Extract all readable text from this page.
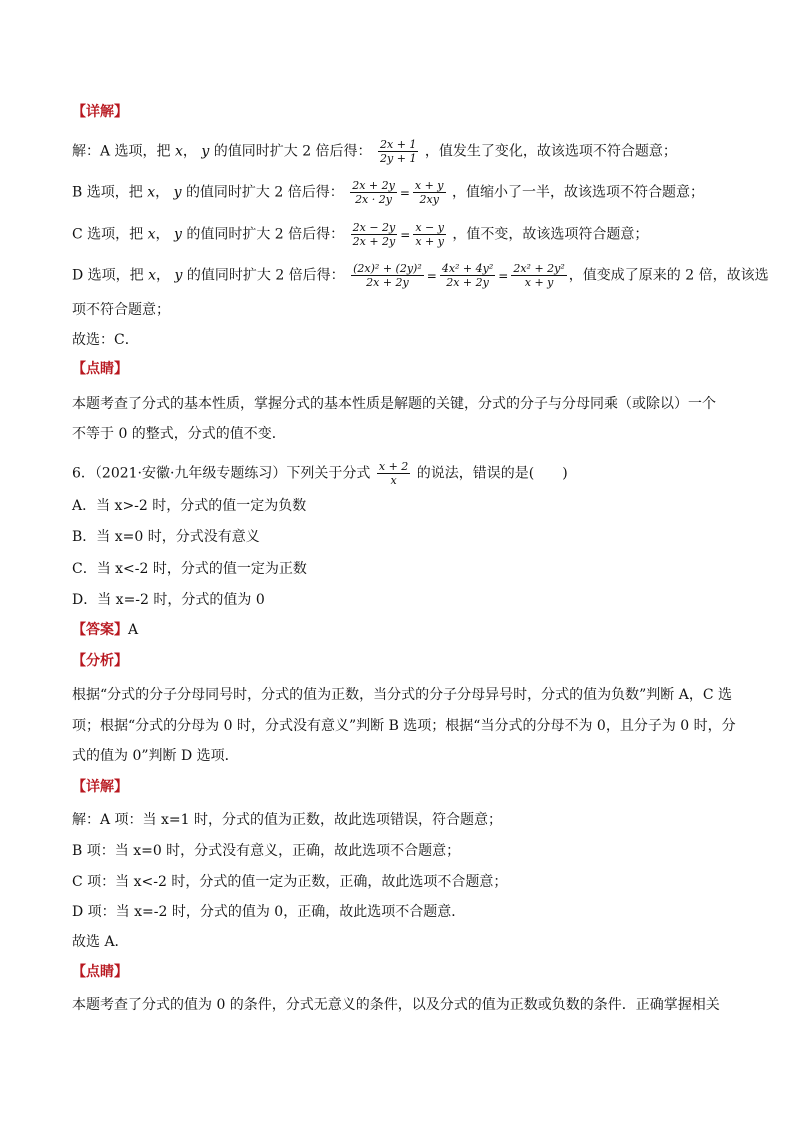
【详解】
解：A 选项，把 x， y 的值同时扩大 2 倍后得： $\frac{2x + 1}{2y + 1}$ ，值发生了变化，故该选项不符合题意；
B 选项，把 x， y 的值同时扩大 2 倍后得： $\frac{2x + 2y}{2x \cdot 2y} = \frac{x + y}{2xy}$ ，值缩小了一半，故该选项不符合题意；
C 选项，把 x， y 的值同时扩大 2 倍后得： $\frac{2x - 2y}{2x + 2y} = \frac{x - y}{x + y}$ ，值不变，故该选项符合题意；
D 选项，把 x， y 的值同时扩大 2 倍后得： $\frac{\text{(2x)² + (2y)²}}{2x + 2y} = \frac{\text{4x² + 4y²}}{2x + 2y} = \frac{\text{2x² + 2y²}}{x + y}$ ，值变成了原来的 2 倍，故该选
项不符合题意；
故选：C．
【点睛】
本题考查了分式的基本性质，掌握分式的基本性质是解题的关键，分式的分子与分母同乘（或除以）一个
不等于 0 的整式，分式的值不变．
6．（2021·安徽·九年级专题练习）下列关于分式 $\frac{x + 2}{x}$ 的说法，错误的是(　　)
A．当 x>-2 时，分式的值一定为负数
B．当 x=0 时，分式没有意义
C．当 x<-2 时，分式的值一定为正数
D．当 x=-2 时，分式的值为 0
【答案】A
【分析】
根据“分式的分子分母同号时，分式的值为正数，当分式的分子分母异号时，分式的值为负数”判断 A，C 选
项；根据“分式的分母为 0 时，分式没有意义”判断 B 选项；根据“当分式的分母不为 0，且分子为 0 时，分
式的值为 0”判断 D 选项．
【详解】
解：A 项：当 x=1 时，分式的值为正数，故此选项错误，符合题意；
B 项：当 x=0 时，分式没有意义，正确，故此选项不合题意；
C 项：当 x<-2 时，分式的值一定为正数，正确，故此选项不合题意；
D 项：当 x=-2 时，分式的值为 0，正确，故此选项不合题意．
故选 A．
【点睛】
本题考查了分式的值为 0 的条件，分式无意义的条件，以及分式的值为正数或负数的条件．正确掌握相关
